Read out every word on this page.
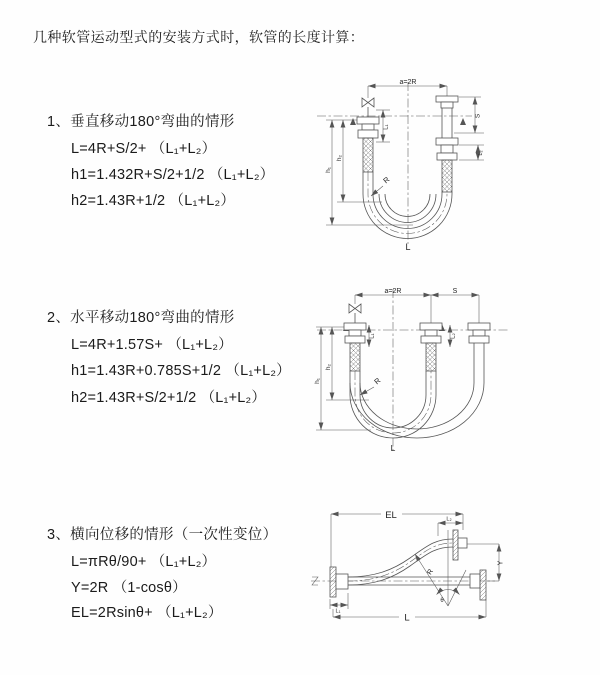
几种软管运动型式的安装方式时，软管的长度计算：
1、垂直移动180°弯曲的情形
L=4R+S/2+ （L₁+L₂）
h1=1.432R+S/2+1/2 （L₁+L₂）
h2=1.43R+1/2 （L₁+L₂）
2、水平移动180°弯曲的情形
L=4R+1.57S+ （L₁+L₂）
h1=1.43R+0.785S+1/2 （L₁+L₂）
h2=1.43R+S/2+1/2 （L₁+L₂）
3、横向位移的情形（一次性变位）
L=πRθ/90+ （L₁+L₂）
Y=2R （1-cosθ）
EL=2Rsinθ+ （L₁+L₂）
a=2R
h₁
h₂
L₁
S
L₂
R
L
a=2R	S
L₁	L₂
h₁
h₂
R
L
EL	L₂
Y
R
θ
L₁
L
